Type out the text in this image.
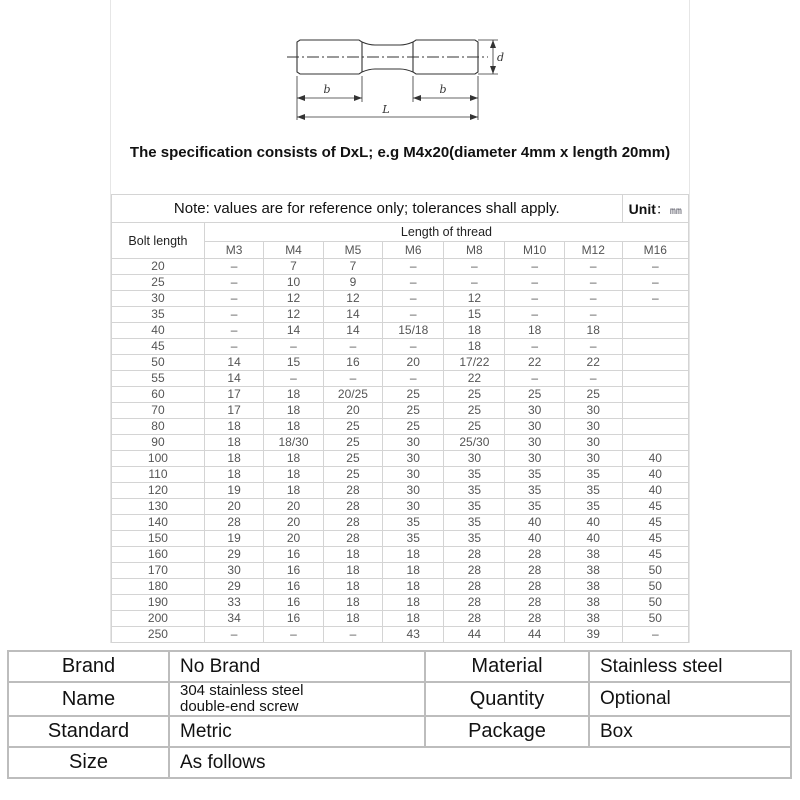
d
b	b
L
The specification consists of DxL; e.g M4x20(diameter 4mm x length 20mm)
Note: values are for reference only; tolerances shall apply.								Unit：mm
Bolt length	Length of thread							
	M3	M4	M5	M6	M8	M10	M12	M16
20	–	7	7	–	–	–	–	–
25	–	10	9	–	–	–	–	–
30	–	12	12	–	12	–	–	–
35	–	12	14	–	15	–	–	
40	–	14	14	15/18	18	18	18	
45	–	–	–	–	18	–	–	
50	14	15	16	20	17/22	22	22	
55	14	–	–	–	22	–	–	
60	17	18	20/25	25	25	25	25	
70	17	18	20	25	25	30	30	
80	18	18	25	25	25	30	30	
90	18	18/30	25	30	25/30	30	30	
100	18	18	25	30	30	30	30	40
110	18	18	25	30	35	35	35	40
120	19	18	28	30	35	35	35	40
130	20	20	28	30	35	35	35	45
140	28	20	28	35	35	40	40	45
150	19	20	28	35	35	40	40	45
160	29	16	18	18	28	28	38	45
170	30	16	18	18	28	28	38	50
180	29	16	18	18	28	28	38	50
190	33	16	18	18	28	28	38	50
200	34	16	18	18	28	28	38	50
250	–	–	–	43	44	44	39	–
Brand	No Brand	Material	Stainless steel
Name	304 stainless steel
double-end screw	Quantity	Optional
Standard	Metric	Package	Box
Size	As follows		
